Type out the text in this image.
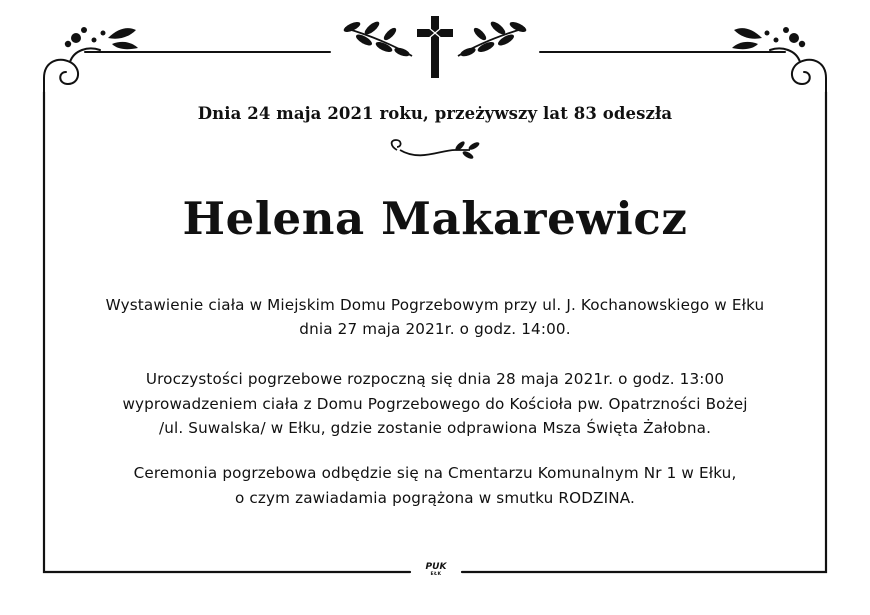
Dnia 24 maja 2021 roku, przeżywszy lat 83 odeszła
Helena Makarewicz
Wystawienie ciała w Miejskim Domu Pogrzebowym przy ul. J. Kochanowskiego w Ełku
dnia 27 maja 2021r. o godz. 14:00.
Uroczystości pogrzebowe rozpoczną się dnia 28 maja 2021r. o godz. 13:00
wyprowadzeniem ciała z Domu Pogrzebowego do Kościoła pw. Opatrzności Bożej
/ul. Suwalska/ w Ełku, gdzie zostanie odprawiona Msza Święta Żałobna.
Ceremonia pogrzebowa odbędzie się na Cmentarzu Komunalnym Nr 1 w Ełku,
o czym zawiadamia pogrążona w smutku RODZINA.
PUK
EŁK
